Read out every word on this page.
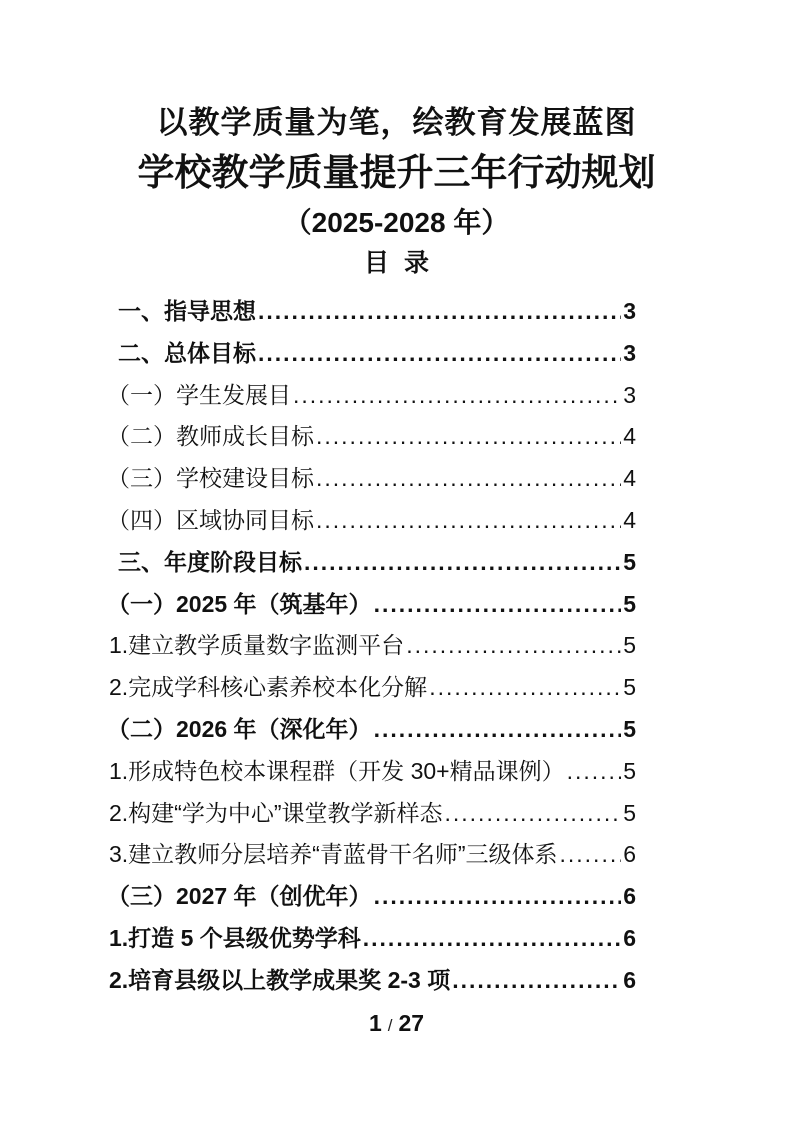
以教学质量为笔，绘教育发展蓝图
学校教学质量提升三年行动规划
（2025-2028 年）
目 录
一、指导思想 .....	3
二、总体目标 .....	3
（一）学生发展目 .....	3
（二）教师成长目标 .....	4
（三）学校建设目标 .....	4
（四）区域协同目标 .....	4
三、年度阶段目标 .....	5
（一）2025 年（筑基年） .....	5
1.建立教学质量数字监测平台 .....	5
2.完成学科核心素养校本化分解 .....	5
（二）2026 年（深化年） .....	5
1.形成特色校本课程群（开发 30+精品课例） .....	5
2.构建“学为中心”课堂教学新样态 .....	5
3.建立教师分层培养“青蓝骨干名师”三级体系 .....	6
（三）2027 年（创优年） .....	6
1.打造 5 个县级优势学科 .....	6
2.培育县级以上教学成果奖 2-3 项 .....	6
1 / 27
